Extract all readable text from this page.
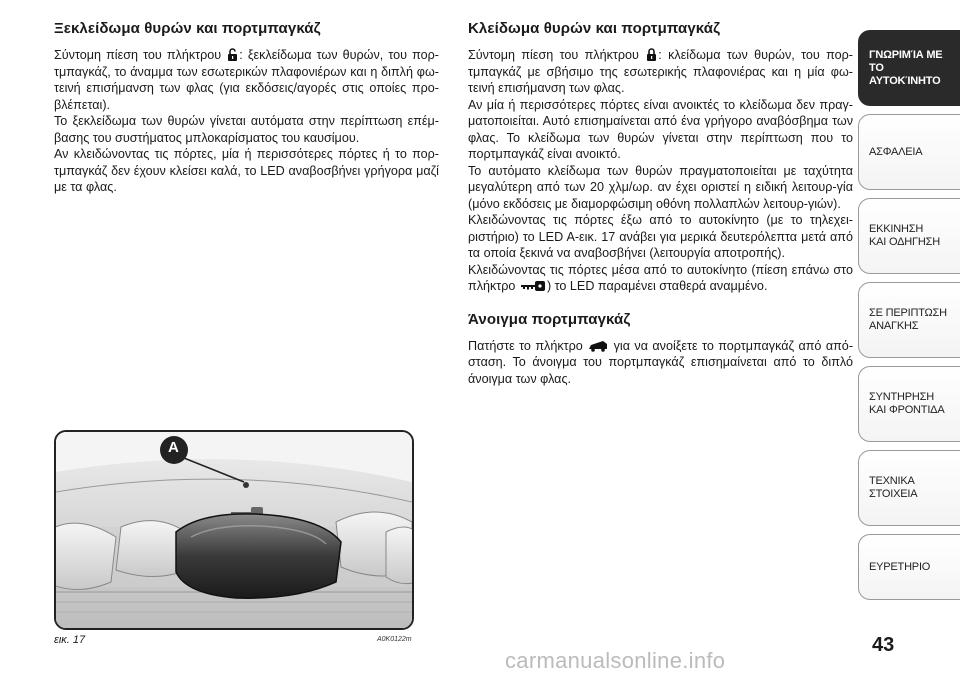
Ξεκλείδωμα θυρών και πορτμπαγκάζ

Σύντομη πίεση του πλήκτρου : ξεκλείδωμα των θυρών, του πορ-τμπαγκάζ, το άναμμα των εσωτερικών πλαφονιέρων και η διπλή φω-τεινή επισήμανση των φλας (για εκδόσεις/αγορές στις οποίες προ-βλέπεται).

Το ξεκλείδωμα των θυρών γίνεται αυτόματα στην περίπτωση επέμ-βασης του συστήματος μπλοκαρίσματος του καυσίμου.

Αν κλειδώνοντας τις πόρτες, μία ή περισσότερες πόρτες ή το πορ-τμπαγκάζ δεν έχουν κλείσει καλά, το LED αναβοσβήνει γρήγορα μαζί με τα φλας.

Κλείδωμα θυρών και πορτμπαγκάζ

Σύντομη πίεση του πλήκτρου : κλείδωμα των θυρών, του πορ-τμπαγκάζ με σβήσιμο της εσωτερικής πλαφονιέρας και η μία φω-τεινή επισήμανση των φλας.

Αν μία ή περισσότερες πόρτες είναι ανοικτές το κλείδωμα δεν πραγ-ματοποιείται. Αυτό επισημαίνεται από ένα γρήγορο αναβόσβημα των φλας. Το κλείδωμα των θυρών γίνεται στην περίπτωση που το πορτμπαγκάζ είναι ανοικτό.

Το αυτόματο κλείδωμα των θυρών πραγματοποιείται με ταχύτητα μεγαλύτερη από των 20 χλμ/ωρ. αν έχει οριστεί η ειδική λειτουρ-γία (μόνο εκδόσεις με διαμορφώσιμη οθόνη πολλαπλών λειτουρ-γιών).

Κλειδώνοντας τις πόρτες έξω από το αυτοκίνητο (με το τηλεχει-ριστήριο) το LED A-εικ. 17 ανάβει για μερικά δευτερόλεπτα μετά από τα οποία ξεκινά να αναβοσβήνει (λειτουργία αποτροπής).

Κλειδώνοντας τις πόρτες μέσα από το αυτοκίνητο (πίεση επάνω στο πλήκτρο	) το LED παραμένει σταθερά αναμμένο.

Άνοιγμα πορτμπαγκάζ

Πατήστε το πλήκτρο για να ανοίξετε το πορτμπαγκάζ από από-σταση. Το άνοιγμα του πορτμπαγκάζ επισημαίνεται από το διπλό άνοιγμα των φλας.

A
εικ. 17	A0K0122m
ΓΝΩΡΙΜΊΑ ΜΕ ΤΟ
ΑΥΤΟΚΊΝΗΤΟ
ΑΣΦΑΛΕΙΑ
ΕΚΚΙΝΗΣΗ
ΚΑΙ ΟΔΗΓΗΣΗ
ΣΕ ΠΕΡΙΠΤΩΣΗ
ΑΝΑΓΚΗΣ
ΣΥΝΤΗΡΗΣΗ
ΚΑΙ ΦΡΟΝΤΙΔΑ
ΤΕΧΝΙΚΑ
ΣΤΟΙΧΕΙΑ
ΕΥΡΕΤΗΡΙΟ
43
carmanualsonline.info
